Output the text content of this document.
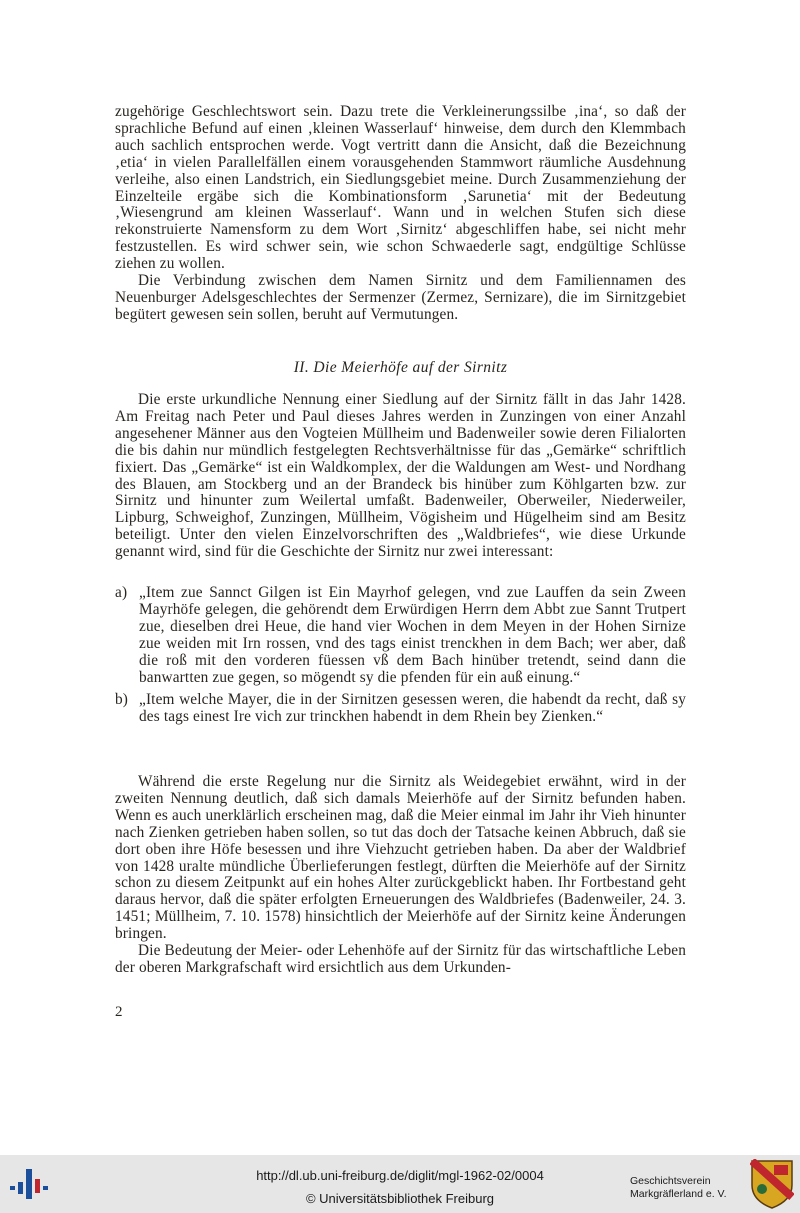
zugehörige Geschlechtswort sein. Dazu trete die Verkleinerungssilbe ‚ina‘, so daß der sprachliche Befund auf einen ‚kleinen Wasserlauf‘ hinweise, dem durch den Klemmbach auch sachlich entsprochen werde. Vogt vertritt dann die Ansicht, daß die Bezeichnung ‚etia‘ in vielen Parallelfällen einem vorausgehenden Stammwort räumliche Ausdehnung verleihe, also einen Landstrich, ein Siedlungsgebiet meine. Durch Zusammenziehung der Einzelteile ergäbe sich die Kombinationsform ‚Sarunetia‘ mit der Bedeutung ‚Wiesengrund am kleinen Wasserlauf‘. Wann und in welchen Stufen sich diese rekonstruierte Namensform zu dem Wort ‚Sirnitz‘ abgeschliffen habe, sei nicht mehr festzustellen. Es wird schwer sein, wie schon Schwaederle sagt, endgültige Schlüsse ziehen zu wollen.

Die Verbindung zwischen dem Namen Sirnitz und dem Familiennamen des Neuenburger Adelsgeschlechtes der Sermenzer (Zermez, Sernizare), die im Sirnitzgebiet begütert gewesen sein sollen, beruht auf Vermutungen.

II. Die Meierhöfe auf der Sirnitz

Die erste urkundliche Nennung einer Siedlung auf der Sirnitz fällt in das Jahr 1428. Am Freitag nach Peter und Paul dieses Jahres werden in Zunzingen von einer Anzahl angesehener Männer aus den Vogteien Müllheim und Badenweiler sowie deren Filialorten die bis dahin nur mündlich festgelegten Rechtsverhältnisse für das „Gemärke“ schriftlich fixiert. Das „Gemärke“ ist ein Waldkomplex, der die Waldungen am West- und Nordhang des Blauen, am Stockberg und an der Brandeck bis hinüber zum Köhlgarten bzw. zur Sirnitz und hinunter zum Weilertal umfaßt. Badenweiler, Oberweiler, Niederweiler, Lipburg, Schweighof, Zunzingen, Müllheim, Vögisheim und Hügelheim sind am Besitz beteiligt. Unter den vielen Einzelvorschriften des „Waldbriefes“, wie diese Urkunde genannt wird, sind für die Geschichte der Sirnitz nur zwei interessant:

a) „Item zue Sannct Gilgen ist Ein Mayrhof gelegen, vnd zue Lauffen da sein Zween Mayrhöfe gelegen, die gehörendt dem Erwürdigen Herrn dem Abbt zue Sannt Trutpert zue, dieselben drei Heue, die hand vier Wochen in dem Meyen in der Hohen Sirnize zue weiden mit Irn rossen, vnd des tags einist trenckhen in dem Bach; wer aber, daß die roß mit den vorderen füessen vß dem Bach hinüber tretendt, seind dann die banwartten zue gegen, so mögendt sy die pfenden für ein auß einung.“
b) „Item welche Mayer, die in der Sirnitzen gesessen weren, die habendt da recht, daß sy des tags einest Ire vich zur trinckhen habendt in dem Rhein bey Zienken.“

Während die erste Regelung nur die Sirnitz als Weidegebiet erwähnt, wird in der zweiten Nennung deutlich, daß sich damals Meierhöfe auf der Sirnitz befunden haben. Wenn es auch unerklärlich erscheinen mag, daß die Meier einmal im Jahr ihr Vieh hinunter nach Zienken getrieben haben sollen, so tut das doch der Tatsache keinen Abbruch, daß sie dort oben ihre Höfe besessen und ihre Viehzucht getrieben haben. Da aber der Waldbrief von 1428 uralte mündliche Überlieferungen festlegt, dürften die Meierhöfe auf der Sirnitz schon zu diesem Zeitpunkt auf ein hohes Alter zurückgeblickt haben. Ihr Fortbestand geht daraus hervor, daß die später erfolgten Erneuerungen des Waldbriefes (Badenweiler, 24. 3. 1451; Müllheim, 7. 10. 1578) hinsichtlich der Meierhöfe auf der Sirnitz keine Änderungen bringen.

Die Bedeutung der Meier- oder Lehenhöfe auf der Sirnitz für das wirtschaftliche Leben der oberen Markgrafschaft wird ersichtlich aus dem Urkunden-

2
http://dl.ub.uni-freiburg.de/diglit/mgl-1962-02/0004
© Universitätsbibliothek Freiburg
Geschichtsverein
Markgräflerland e. V.
